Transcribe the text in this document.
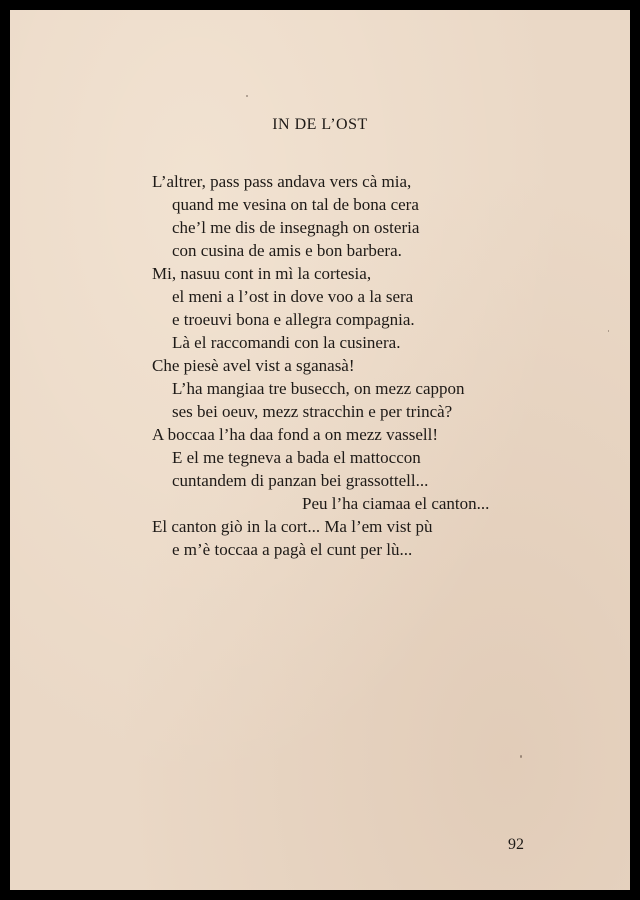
IN DE L’OST
L’altrer, pass pass andava vers cà mia,
quand me vesina on tal de bona cera
che’l me dis de insegnagh on osteria
con cusina de amis e bon barbera.
Mi, nasuu cont in mì la cortesia,
el meni a l’ost in dove voo a la sera
e troeuvi bona e allegra compagnia.
Là el raccomandi con la cusinera.
Che piesè avel vist a sganasà!
L’ha mangiaa tre busecch, on mezz cappon
ses bei oeuv, mezz stracchin e per trincà?
A boccaa l’ha daa fond a on mezz vassell!
E el me tegneva a bada el mattoccon
cuntandem di panzan bei grassottell...
Peu l’ha ciamaa el canton...
El canton giò in la cort... Ma l’em vist pù
e m’è toccaa a pagà el cunt per lù...
92
